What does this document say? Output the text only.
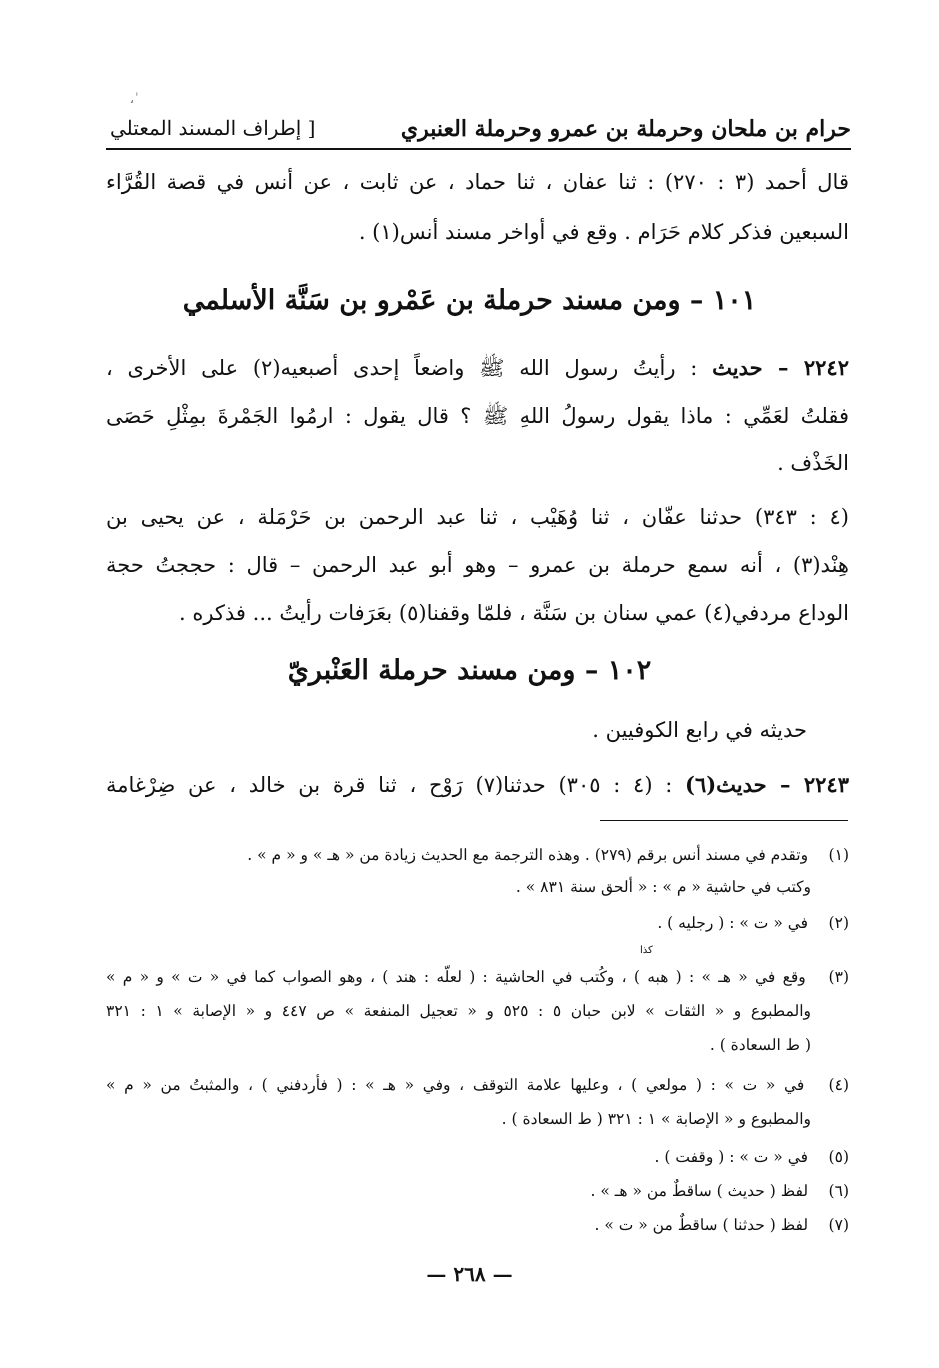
، ٰ
حرام بن ملحان وحرملة بن عمرو وحرملة العنبري
[ إطراف المسند المعتلي
قال أحمد (٣ : ٢٧٠) : ثنا عفان ، ثنا حماد ، عن ثابت ، عن أنس في قصة القُرَّاء
السبعين فذكر كلام حَرَام . وقع في أواخر مسند أنس(١) .
١٠١ – ومن مسند حرملة بن عَمْرو بن سَنَّة الأسلمي
٢٢٤٢ – حديث : رأيتُ رسول الله ﷺ واضعاً إحدى أصبعيه(٢) على الأخرى ،
فقلتُ لعَمِّي : ماذا يقول رسولُ اللهِ ﷺ ؟ قال يقول : ارمُوا الجَمْرةَ بمِثْلِ حَصَى
الخَذْف .
(٤ : ٣٤٣) حدثنا عفّان ، ثنا وُهَيْب ، ثنا عبد الرحمن بن حَرْمَلة ، عن يحيى بن
هِنْد(٣) ، أنه سمع حرملة بن عمرو – وهو أبو عبد الرحمن – قال : حججتُ حجة
الوداع مردفي(٤) عمي سنان بن سَنَّة ، فلمّا وقفنا(٥) بعَرَفات رأيتُ ... فذكره .
١٠٢ – ومن مسند حرملة العَنْبريّ
حديثه في رابع الكوفيين .
٢٢٤٣ – حديث(٦) : (٤ : ٣٠٥) حدثنا(٧) رَوْح ، ثنا قرة بن خالد ، عن ضِرْغامة
(١) وتقدم في مسند أنس برقم (٢٧٩) . وهذه الترجمة مع الحديث زيادة من « هـ » و « م » .
وكتب في حاشية « م » : « ألحق سنة ٨٣١ » .
(٢) في « ت » : ( رجليه ) .
كذا
(٣) وقع في « هـ » : ( هبه ) ، وكُتب في الحاشية : ( لعلّه : هند ) ، وهو الصواب كما في « ت » و « م »
والمطبوع و « الثقات » لابن حبان ٥ : ٥٢٥ و « تعجيل المنفعة » ص ٤٤٧ و « الإصابة » ١ : ٣٢١
( ط السعادة ) .
(٤) في « ت » : ( مولعي ) ، وعليها علامة التوقف ، وفي « هـ » : ( فأردفني ) ، والمثبتُ من « م »
والمطبوع و « الإصابة » ١ : ٣٢١ ( ط السعادة ) .
(٥) في « ت » : ( وقفت ) .
(٦) لفظ ( حديث ) ساقطٌ من « هـ » .
(٧) لفظ ( حدثنا ) ساقطٌ من « ت » .
— ٢٦٨ —
